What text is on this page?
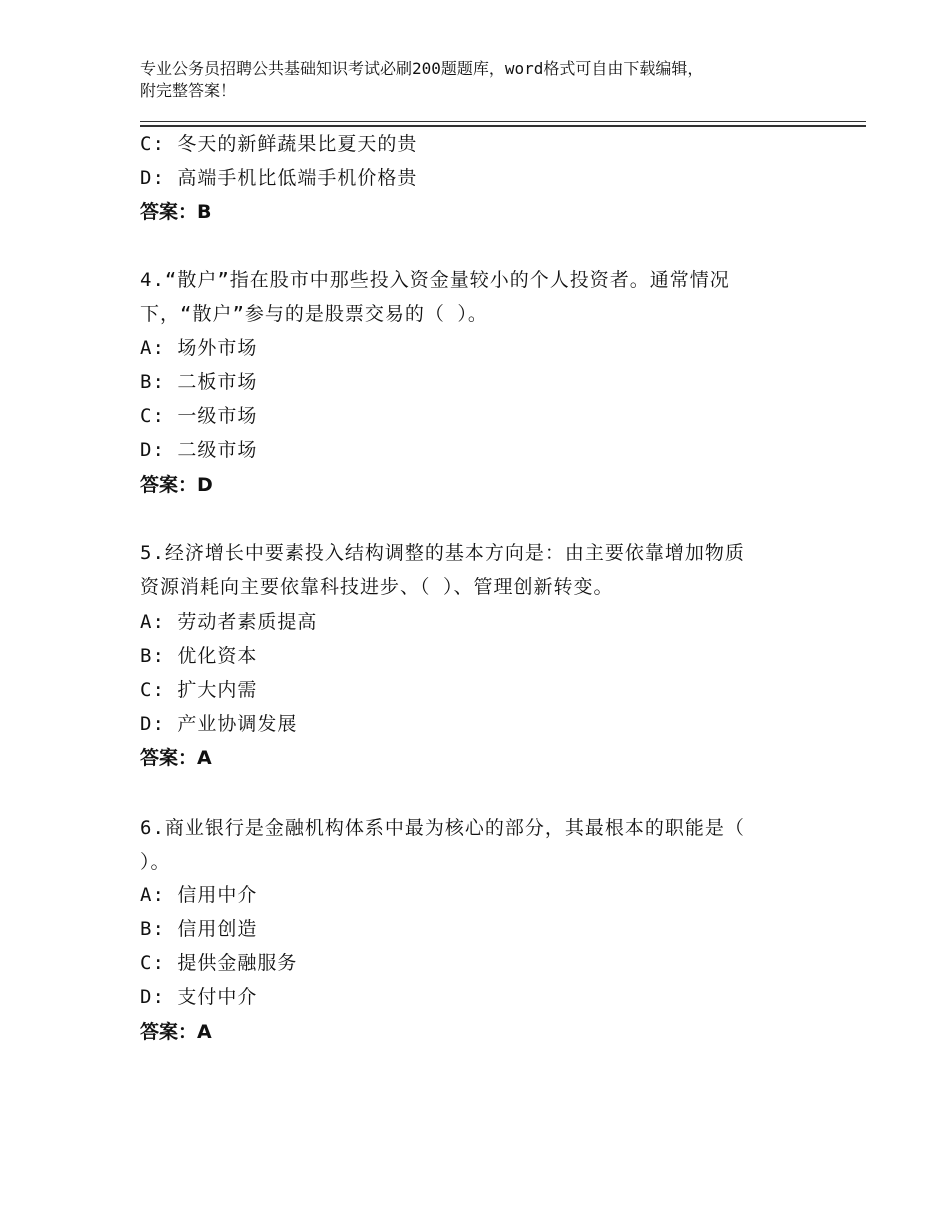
专业公务员招聘公共基础知识考试必刷200题题库，word格式可自由下载编辑，
附完整答案！
C: 冬天的新鲜蔬果比夏天的贵
D: 高端手机比低端手机价格贵
答案：B
4.“散户”指在股市中那些投入资金量较小的个人投资者。通常情况
下，“散户”参与的是股票交易的（ ）。
A: 场外市场
B: 二板市场
C: 一级市场
D: 二级市场
答案：D
5.经济增长中要素投入结构调整的基本方向是：由主要依靠增加物质
资源消耗向主要依靠科技进步、（ ）、管理创新转变。
A: 劳动者素质提高
B: 优化资本
C: 扩大内需
D: 产业协调发展
答案：A
6.商业银行是金融机构体系中最为核心的部分，其最根本的职能是（
）。
A: 信用中介
B: 信用创造
C: 提供金融服务
D: 支付中介
答案：A
